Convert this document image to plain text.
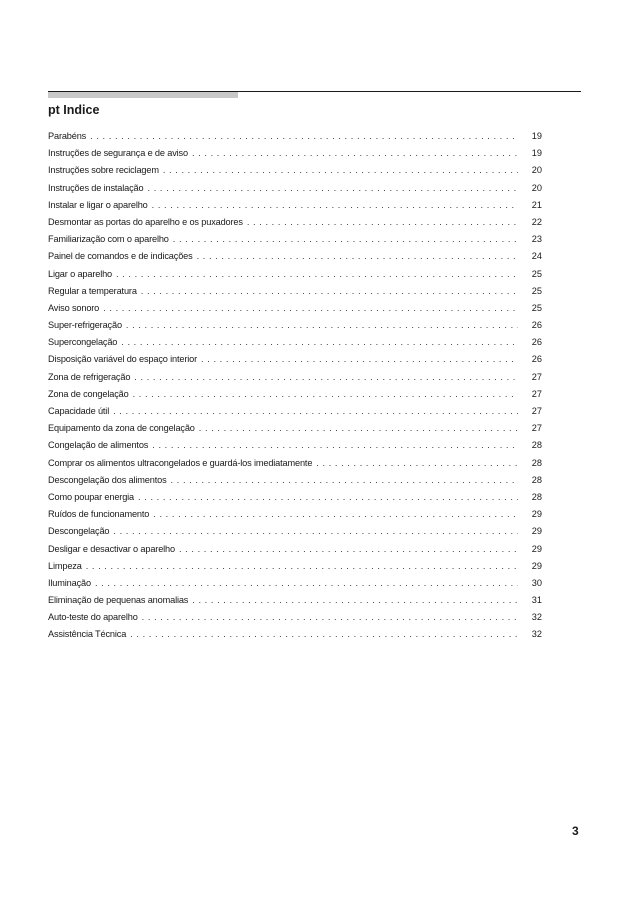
pt Indice
Parabéns . . .	19
Instruções de segurança e de aviso . . .	19
Instruções sobre reciclagem . . .	20
Instruções de instalação . . .	20
Instalar e ligar o aparelho . . .	21
Desmontar as portas do aparelho e os puxadores . . .	22
Familiarização com o aparelho . . .	23
Painel de comandos e de indicações . . .	24
Ligar o aparelho . . .	25
Regular a temperatura . . .	25
Aviso sonoro . . .	25
Super-refrigeração . . .	26
Supercongelação . . .	26
Disposição variável do espaço interior . . .	26
Zona de refrigeração . . .	27
Zona de congelação . . .	27
Capacidade útil . . .	27
Equipamento da zona de congelação . . .	27
Congelação de alimentos . . .	28
Comprar os alimentos ultracongelados e guardá-los imediatamente . . .	28
Descongelação dos alimentos . . .	28
Como poupar energia . . .	28
Ruídos de funcionamento . . .	29
Descongelação . . .	29
Desligar e desactivar o aparelho . . .	29
Limpeza . . .	29
Iluminação . . .	30
Eliminação de pequenas anomalias . . .	31
Auto-teste do aparelho . . .	32
Assistência Técnica . . .	32
3
